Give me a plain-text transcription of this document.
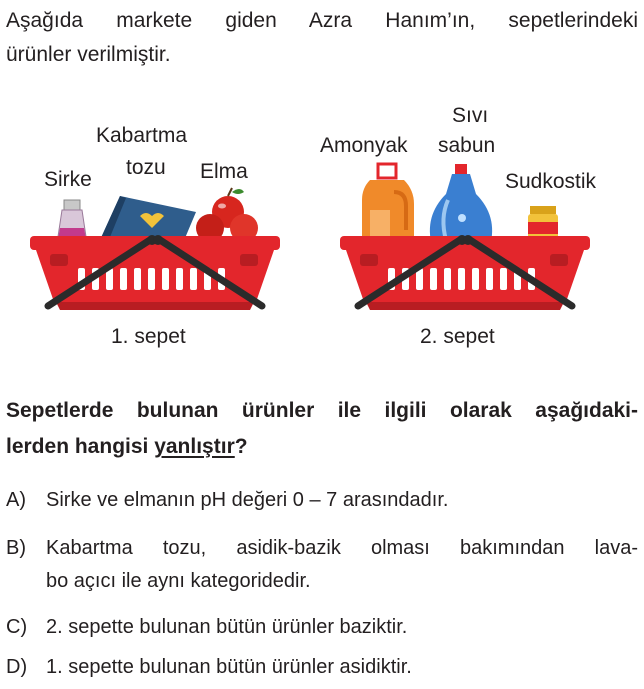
Aşağıda markete giden Azra Hanım’ın, sepetlerindeki
ürünler verilmiştir.
Sirke
Kabartma
tozu Elma
1. sepet
Amonyak
Sıvı
sabun
Sudkostik
2. sepet
Sepetlerde bulunan ürünler ile ilgili olarak aşağıdaki-
lerden hangisi yanlıştır?
A) Sirke ve elmanın pH değeri 0 – 7 arasındadır.
B) Kabartma tozu, asidik-bazik olması bakımından lava-
bo açıcı ile aynı kategoridedir.
C) 2. sepette bulunan bütün ürünler baziktir.
D) 1. sepette bulunan bütün ürünler asidiktir.
